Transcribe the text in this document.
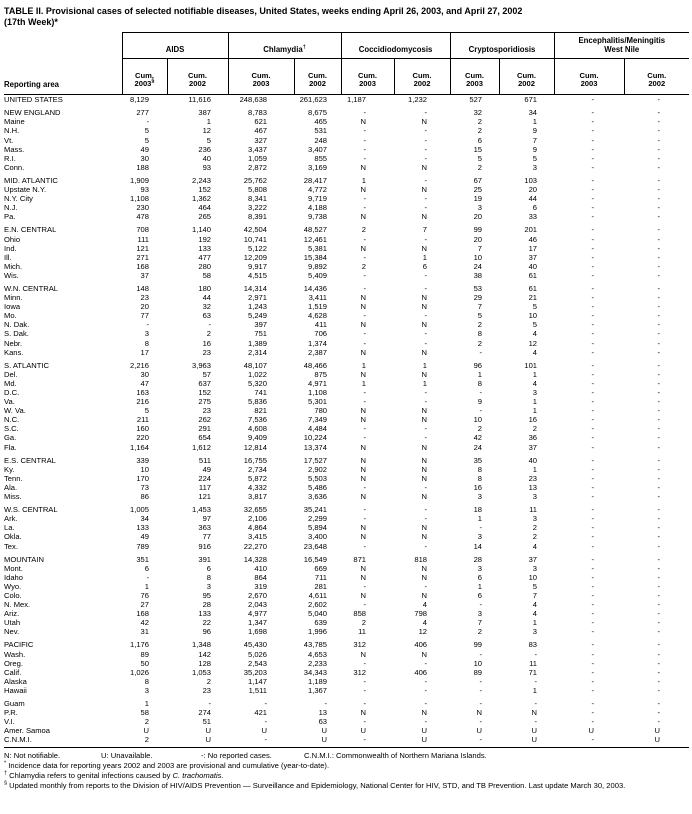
TABLE II. Provisional cases of selected notifiable diseases, United States, weeks ending April 26, 2003, and April 27, 2002
(17th Week)*
Reporting area	AIDS		Chlamydia†		Coccidiodomycosis		Cryptosporidiosis		Encephalitis/Meningitis
West Nile	
	Cum.
2003§	Cum.
2002	Cum.
2003	Cum.
2002	Cum.
2003	Cum.
2002	Cum.
2003	Cum.
2002	Cum.
2003	Cum.
2002
UNITED STATES	8,129	11,616	248,638	261,623	1,187	1,232	527	671	-	-

NEW ENGLAND	277	387	8,783	8,675	-	-	32	34	-	-
Maine	-	1	621	465	N	N	2	1	-	-
N.H.	5	12	467	531	-	-	2	9	-	-
Vt.	5	5	327	248	-	-	6	7	-	-
Mass.	49	236	3,437	3,407	-	-	15	9	-	-
R.I.	30	40	1,059	855	-	-	5	5	-	-
Conn.	188	93	2,872	3,169	N	N	2	3	-	-

MID. ATLANTIC	1,909	2,243	25,762	28,417	1	-	67	103	-	-
Upstate N.Y.	93	152	5,808	4,772	N	N	25	20	-	-
N.Y. City	1,108	1,362	8,341	9,719	-	-	19	44	-	-
N.J.	230	464	3,222	4,188	-	-	3	6	-	-
Pa.	478	265	8,391	9,738	N	N	20	33	-	-

E.N. CENTRAL	708	1,140	42,504	48,527	2	7	99	201	-	-
Ohio	111	192	10,741	12,461	-	-	20	46	-	-
Ind.	121	133	5,122	5,381	N	N	7	17	-	-
Ill.	271	477	12,209	15,384	-	1	10	37	-	-
Mich.	168	280	9,917	9,892	2	6	24	40	-	-
Wis.	37	58	4,515	5,409	-	-	38	61	-	-

W.N. CENTRAL	148	180	14,314	14,436	-	-	53	61	-	-
Minn.	23	44	2,971	3,411	N	N	29	21	-	-
Iowa	20	32	1,243	1,519	N	N	7	5	-	-
Mo.	77	63	5,249	4,628	-	-	5	10	-	-
N. Dak.	-	-	397	411	N	N	2	5	-	-
S. Dak.	3	2	751	706	-	-	8	4	-	-
Nebr.	8	16	1,389	1,374	-	-	2	12	-	-
Kans.	17	23	2,314	2,387	N	N	-	4	-	-

S. ATLANTIC	2,216	3,963	48,107	48,466	1	1	96	101	-	-
Del.	30	57	1,022	875	N	N	1	1	-	-
Md.	47	637	5,320	4,971	1	1	8	4	-	-
D.C.	163	152	741	1,108	-	-	-	3	-	-
Va.	216	275	5,836	5,301	-	-	9	1	-	-
W. Va.	5	23	821	780	N	N	-	1	-	-
N.C.	211	262	7,536	7,349	N	N	10	16	-	-
S.C.	160	291	4,608	4,484	-	-	2	2	-	-
Ga.	220	654	9,409	10,224	-	-	42	36	-	-
Fla.	1,164	1,612	12,814	13,374	N	N	24	37	-	-

E.S. CENTRAL	339	511	16,755	17,527	N	N	35	40	-	-
Ky.	10	49	2,734	2,902	N	N	8	1	-	-
Tenn.	170	224	5,872	5,503	N	N	8	23	-	-
Ala.	73	117	4,332	5,486	-	-	16	13	-	-
Miss.	86	121	3,817	3,636	N	N	3	3	-	-

W.S. CENTRAL	1,005	1,453	32,655	35,241	-	-	18	11	-	-
Ark.	34	97	2,106	2,299	-	-	1	3	-	-
La.	133	363	4,864	5,894	N	N	-	2	-	-
Okla.	49	77	3,415	3,400	N	N	3	2	-	-
Tex.	789	916	22,270	23,648	-	-	14	4	-	-

MOUNTAIN	351	391	14,328	16,549	871	818	28	37	-	-
Mont.	6	6	410	669	N	N	3	3	-	-
Idaho	-	8	864	711	N	N	6	10	-	-
Wyo.	1	3	319	281	-	-	1	5	-	-
Colo.	76	95	2,670	4,611	N	N	6	7	-	-
N. Mex.	27	28	2,043	2,602	-	4	-	4	-	-
Ariz.	168	133	4,977	5,040	858	798	3	4	-	-
Utah	42	22	1,347	639	2	4	7	1	-	-
Nev.	31	96	1,698	1,996	11	12	2	3	-	-

PACIFIC	1,176	1,348	45,430	43,785	312	406	99	83	-	-
Wash.	89	142	5,026	4,653	N	N	-	-	-	-
Oreg.	50	128	2,543	2,233	-	-	10	11	-	-
Calif.	1,026	1,053	35,203	34,343	312	406	89	71	-	-
Alaska	8	2	1,147	1,189	-	-	-	-	-	-
Hawaii	3	23	1,511	1,367	-	-	-	1	-	-

Guam	1	-	-	-	-	-	-	-	-	-
P.R.	58	274	421	13	N	N	N	N	-	-
V.I.	2	51	-	63	-	-	-	-	-	-
Amer. Samoa	U	U	U	U	U	U	U	U	U	U
C.N.M.I.	2	U	-	U	-	U	-	U	-	U
N: Not notifiable.	U: Unavailable.	-: No reported cases.	C.N.M.I.: Commonwealth of Northern Mariana Islands.
* Incidence data for reporting years 2002 and 2003 are provisional and cumulative (year-to-date).
† Chlamydia refers to genital infections caused by C. trachomatis.
§ Updated monthly from reports to the Division of HIV/AIDS Prevention — Surveillance and Epidemiology, National Center for HIV, STD, and TB Prevention. Last update March 30, 2003.
